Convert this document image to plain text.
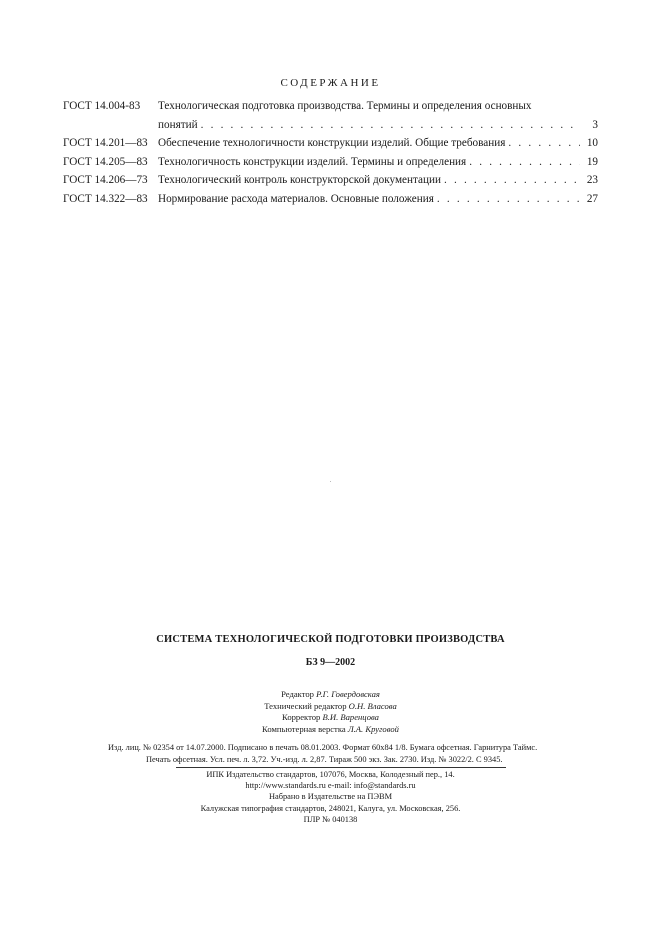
СОДЕРЖАНИЕ
ГОСТ 14.004-83	Технологическая подготовка производства. Термины и определения основных
понятий . . .	3
ГОСТ 14.201—83 Обеспечение технологичности конструкции изделий. Общие требования . . .	10
ГОСТ 14.205—83 Технологичность конструкции изделий. Термины и определения . . .	19
ГОСТ 14.206—73 Технологический контроль конструкторской документации . . .	23
ГОСТ 14.322—83 Нормирование расхода материалов. Основные положения . . .	27
СИСТЕМА ТЕХНОЛОГИЧЕСКОЙ ПОДГОТОВКИ ПРОИЗВОДСТВА
БЗ 9—2002
Редактор Р.Г. Говердовская
Технический редактор О.Н. Власова
Корректор В.И. Варенцова
Компьютерная верстка Л.А. Круговой
Изд. лиц. № 02354 от 14.07.2000. Подписано в печать 08.01.2003. Формат 60x84 1/8. Бумага офсетная. Гарнитура Таймс.
Печать офсетная. Усл. печ. л. 3,72. Уч.-изд. л. 2,87. Тираж 500 экз. Зак. 2730. Изд. № 3022/2. С 9345.
ИПК Издательство стандартов, 107076, Москва, Колодезный пер., 14.
http://www.standards.ru e-mail: info@standards.ru
Набрано в Издательстве на ПЭВМ
Калужская типография стандартов, 248021, Калуга, ул. Московская, 256.
ПЛР № 040138
